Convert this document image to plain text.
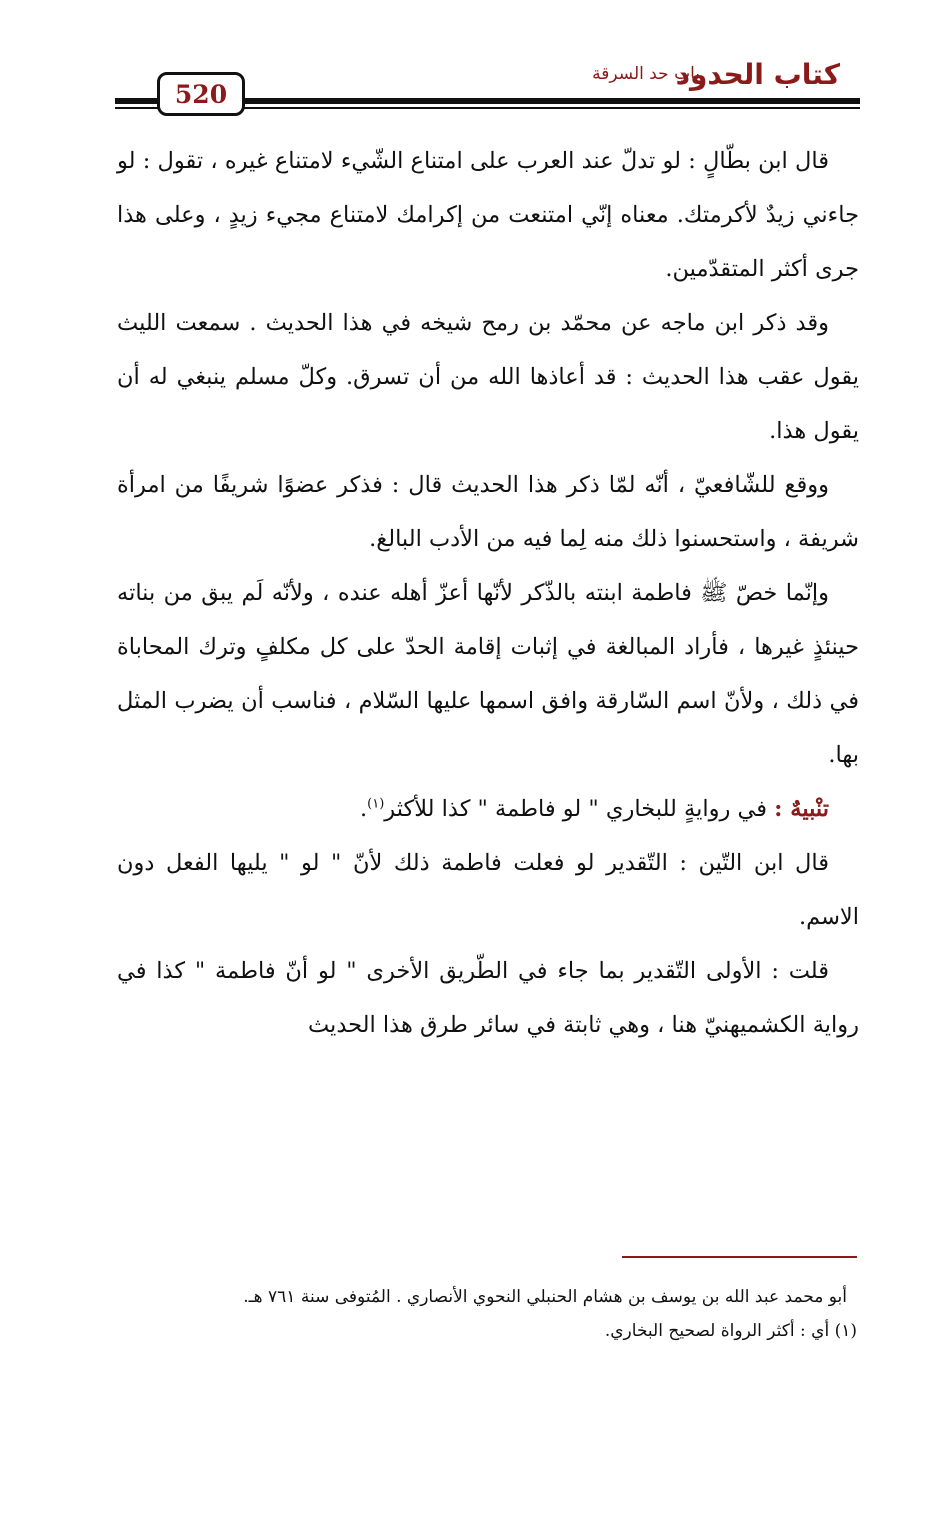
كتاب الحدود
باب حد السرقة
520

قال ابن بطّالٍ : لو تدلّ عند العرب على امتناع الشّيء لامتناع غيره ، تقول : لو جاءني زيدٌ لأكرمتك. معناه إنّي امتنعت من إكرامك لامتناع مجيء زيدٍ ، وعلى هذا جرى أكثر المتقدّمين.

وقد ذكر ابن ماجه عن محمّد بن رمح شيخه في هذا الحديث . سمعت الليث يقول عقب هذا الحديث : قد أعاذها الله من أن تسرق. وكلّ مسلم ينبغي له أن يقول هذا.

ووقع للشّافعيّ ، أنّه لمّا ذكر هذا الحديث قال : فذكر عضوًا شريفًا من امرأة شريفة ، واستحسنوا ذلك منه لِما فيه من الأدب البالغ.

وإنّما خصّ ﷺ فاطمة ابنته بالذّكر لأنّها أعزّ أهله عنده ، ولأنّه لَم يبق من بناته حينئذٍ غيرها ، فأراد المبالغة في إثبات إقامة الحدّ على كل مكلفٍ وترك المحاباة في ذلك ، ولأنّ اسم السّارقة وافق اسمها عليها السّلام ، فناسب أن يضرب المثل بها.

تنْبيهٌ : في روايةٍ للبخاري " لو فاطمة " كذا للأكثر$^{(١)}$.

قال ابن التّين : التّقدير لو فعلت فاطمة ذلك لأنّ " لو " يليها الفعل دون الاسم.

قلت : الأولى التّقدير بما جاء في الطّريق الأخرى " لو أنّ فاطمة " كذا في رواية الكشميهنيّ هنا ، وهي ثابتة في سائر طرق هذا الحديث

أبو محمد عبد الله بن يوسف بن هشام الحنبلي النحوي الأنصاري . المُتوفى سنة ٧٦١ هـ.
(١) أي : أكثر الرواة لصحيح البخاري.
